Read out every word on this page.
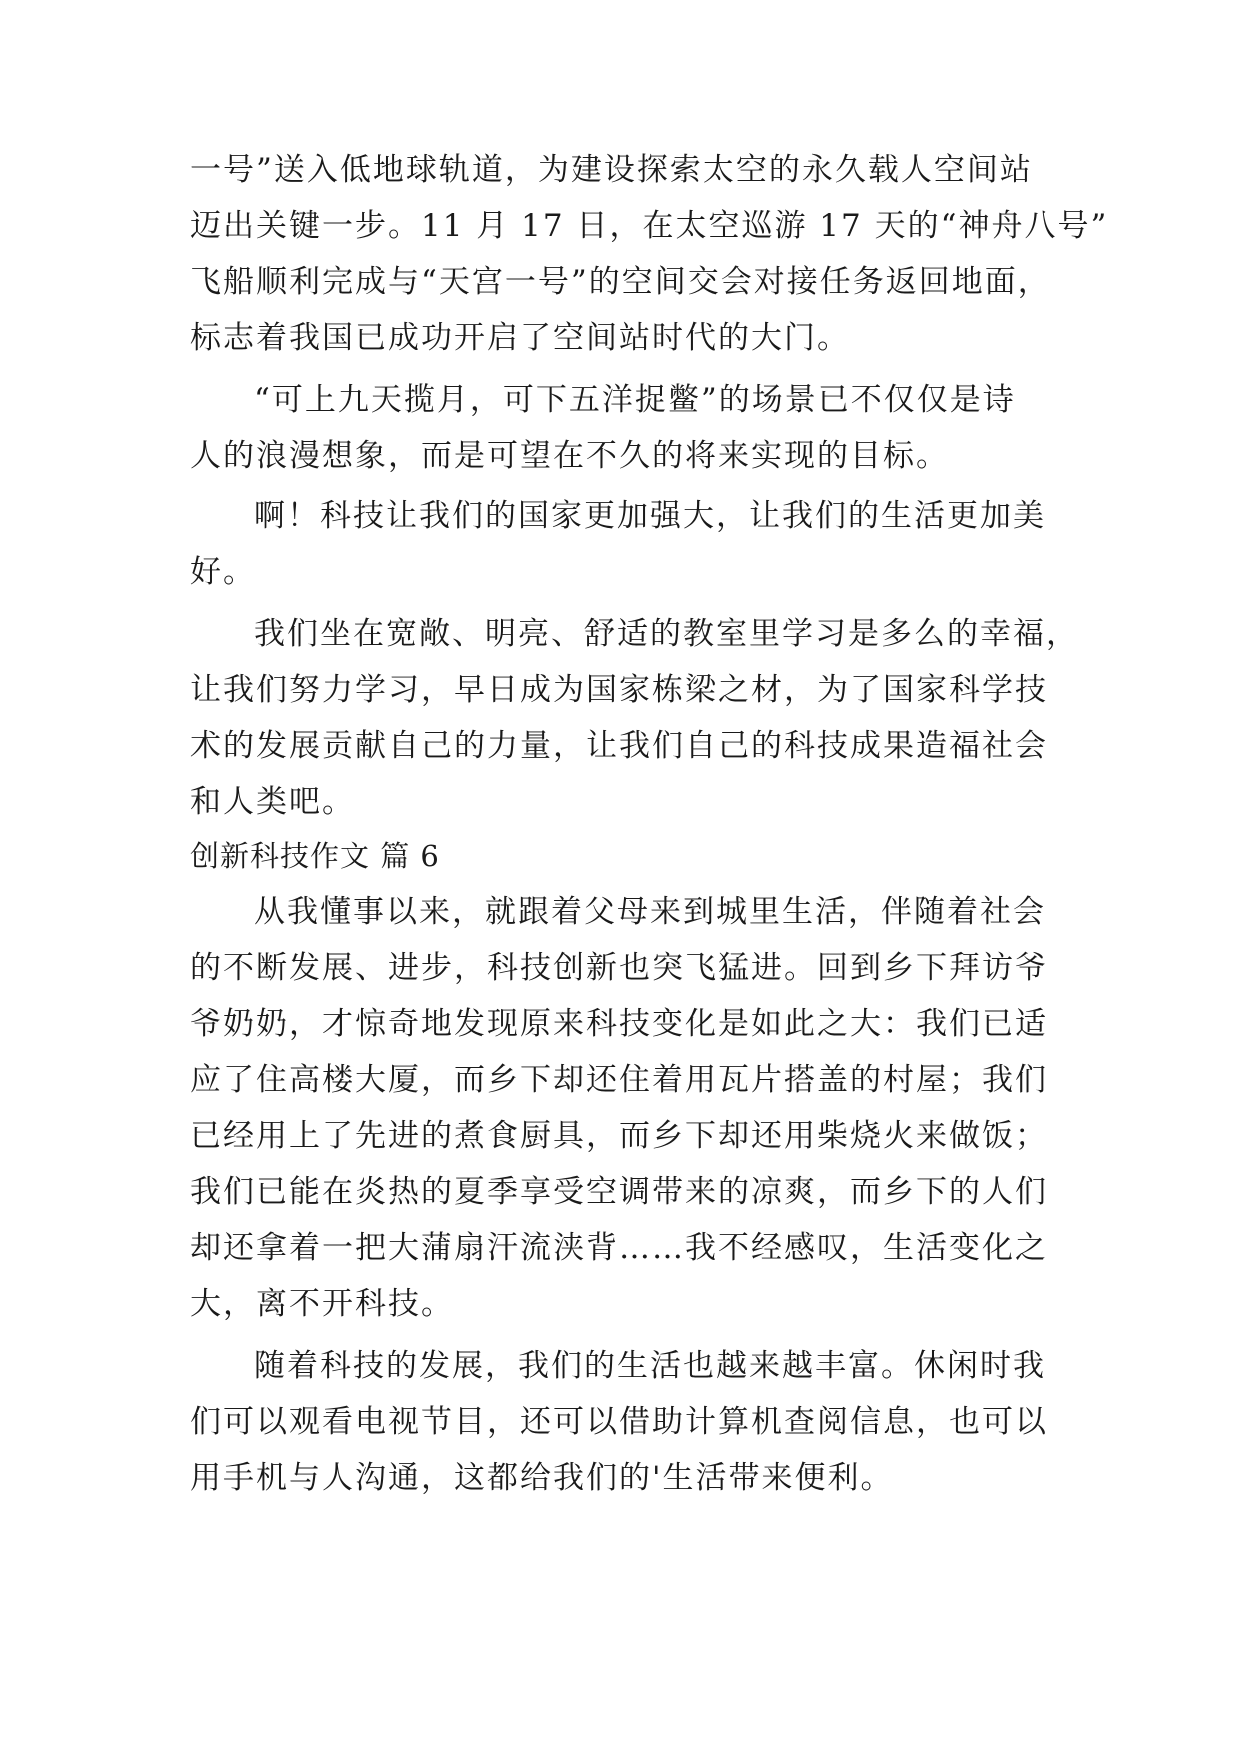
一号”送入低地球轨道，为建设探索太空的永久载人空间站
迈出关键一步。11 月 17 日，在太空巡游 17 天的“神舟八号”
飞船顺利完成与“天宫一号”的空间交会对接任务返回地面，
标志着我国已成功开启了空间站时代的大门。
“可上九天揽月，可下五洋捉鳖”的场景已不仅仅是诗
人的浪漫想象，而是可望在不久的将来实现的目标。
啊！科技让我们的国家更加强大，让我们的生活更加美
好。
我们坐在宽敞、明亮、舒适的教室里学习是多么的幸福，
让我们努力学习，早日成为国家栋梁之材，为了国家科学技
术的发展贡献自己的力量，让我们自己的科技成果造福社会
和人类吧。
创新科技作文 篇 6
从我懂事以来，就跟着父母来到城里生活，伴随着社会
的不断发展、进步，科技创新也突飞猛进。回到乡下拜访爷
爷奶奶，才惊奇地发现原来科技变化是如此之大：我们已适
应了住高楼大厦，而乡下却还住着用瓦片搭盖的村屋；我们
已经用上了先进的煮食厨具，而乡下却还用柴烧火来做饭；
我们已能在炎热的夏季享受空调带来的凉爽，而乡下的人们
却还拿着一把大蒲扇汗流浃背……我不经感叹，生活变化之
大，离不开科技。
随着科技的发展，我们的生活也越来越丰富。休闲时我
们可以观看电视节目，还可以借助计算机查阅信息，也可以
用手机与人沟通，这都给我们的'生活带来便利。
